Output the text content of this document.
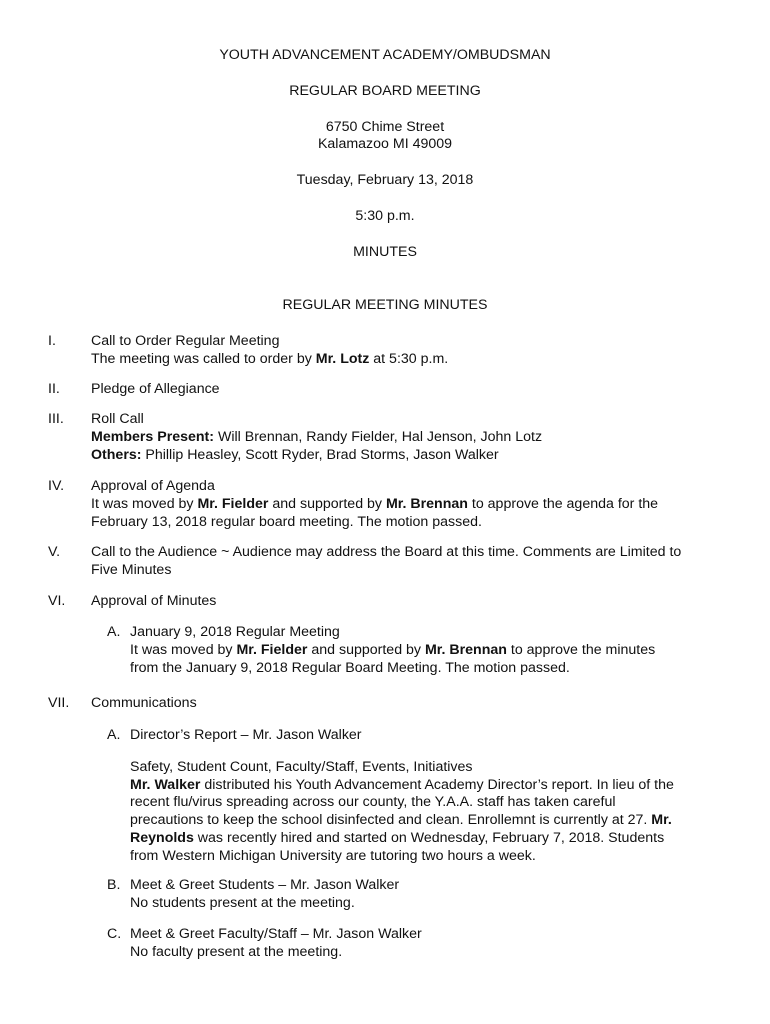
YOUTH ADVANCEMENT ACADEMY/OMBUDSMAN
REGULAR BOARD MEETING
6750 Chime Street
Kalamazoo MI 49009
Tuesday, February 13, 2018
5:30 p.m.
MINUTES
REGULAR MEETING MINUTES
I. Call to Order Regular Meeting
The meeting was called to order by Mr. Lotz at 5:30 p.m.
II. Pledge of Allegiance
III. Roll Call
Members Present: Will Brennan, Randy Fielder, Hal Jenson, John Lotz
Others: Phillip Heasley, Scott Ryder, Brad Storms, Jason Walker
IV. Approval of Agenda
It was moved by Mr. Fielder and supported by Mr. Brennan to approve the agenda for the
February 13, 2018 regular board meeting. The motion passed.
V. Call to the Audience ~ Audience may address the Board at this time. Comments are Limited to
Five Minutes
VI. Approval of Minutes
A. January 9, 2018 Regular Meeting
It was moved by Mr. Fielder and supported by Mr. Brennan to approve the minutes
from the January 9, 2018 Regular Board Meeting. The motion passed.
VII. Communications
A. Director’s Report – Mr. Jason Walker
Safety, Student Count, Faculty/Staff, Events, Initiatives
Mr. Walker distributed his Youth Advancement Academy Director’s report. In lieu of the
recent flu/virus spreading across our county, the Y.A.A. staff has taken careful
precautions to keep the school disinfected and clean. Enrollemnt is currently at 27. Mr.
Reynolds was recently hired and started on Wednesday, February 7, 2018. Students
from Western Michigan University are tutoring two hours a week.
B. Meet & Greet Students – Mr. Jason Walker
No students present at the meeting.
C. Meet & Greet Faculty/Staff – Mr. Jason Walker
No faculty present at the meeting.
